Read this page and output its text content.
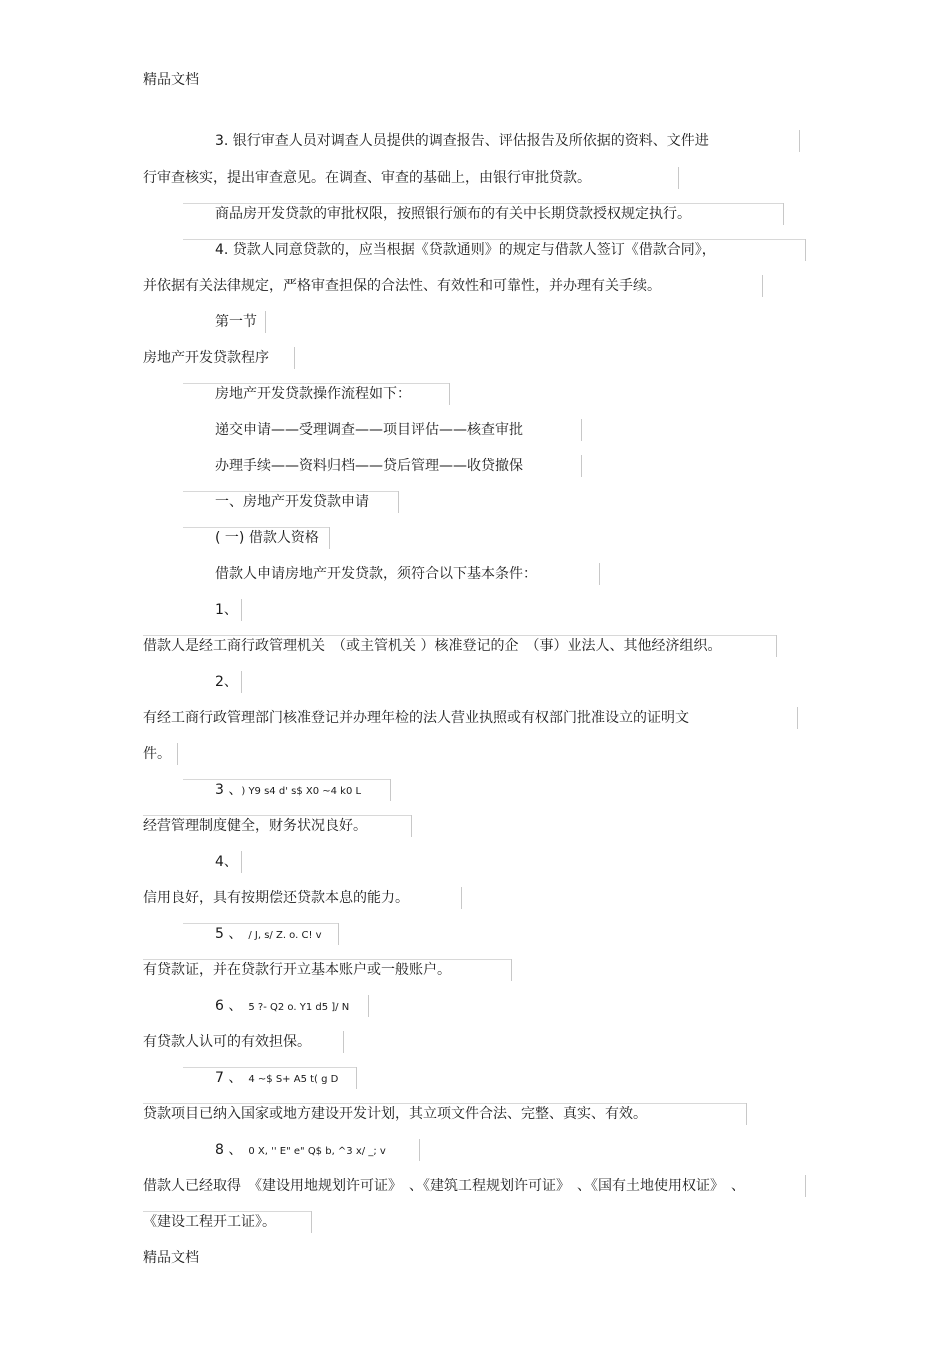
精品文档
3. 银行审查人员对调查人员提供的调查报告、评估报告及所依据的资料、文件进
行审查核实，提出审查意见。在调查、审查的基础上，由银行审批贷款。
商品房开发贷款的审批权限，按照银行颁布的有关中长期贷款授权规定执行。
4. 贷款人同意贷款的，应当根据《贷款通则》的规定与借款人签订《借款合同》，
并依据有关法律规定，严格审查担保的合法性、有效性和可靠性，并办理有关手续。
第一节
房地产开发贷款程序
房地产开发贷款操作流程如下：
递交申请——受理调查——项目评估——核查审批
办理手续——资料归档——贷后管理——收贷撤保
一、房地产开发贷款申请
( 一) 借款人资格
借款人申请房地产开发贷款，须符合以下基本条件：
1、
借款人是经工商行政管理机关　（或主管机关 ）核准登记的企　（事）业法人、其他经济组织。
2、
有经工商行政管理部门核准登记并办理年检的法人营业执照或有权部门批准设立的证明文
件。
3 、 ) Y9 s4 d' s$ X0 ~4 k0 L
经营管理制度健全，财务状况良好。
4、
信用良好，具有按期偿还贷款本息的能力。
5 、 / J, s/ Z. o. C! v
有贷款证，并在贷款行开立基本账户或一般账户。
6 、 5 ?- Q2 o. Y1 d5 ]/ N
有贷款人认可的有效担保。
7 、 4 ~$ S+ A5 t( g D
贷款项目已纳入国家或地方建设开发计划，其立项文件合法、完整、真实、有效。
8 、 0 X, '' E" e" Q$ b, ^3 x/ _; v
借款人已经取得　《建设用地规划许可证》　、《建筑工程规划许可证》　、《国有土地使用权证》　、
《建设工程开工证》。
精品文档
